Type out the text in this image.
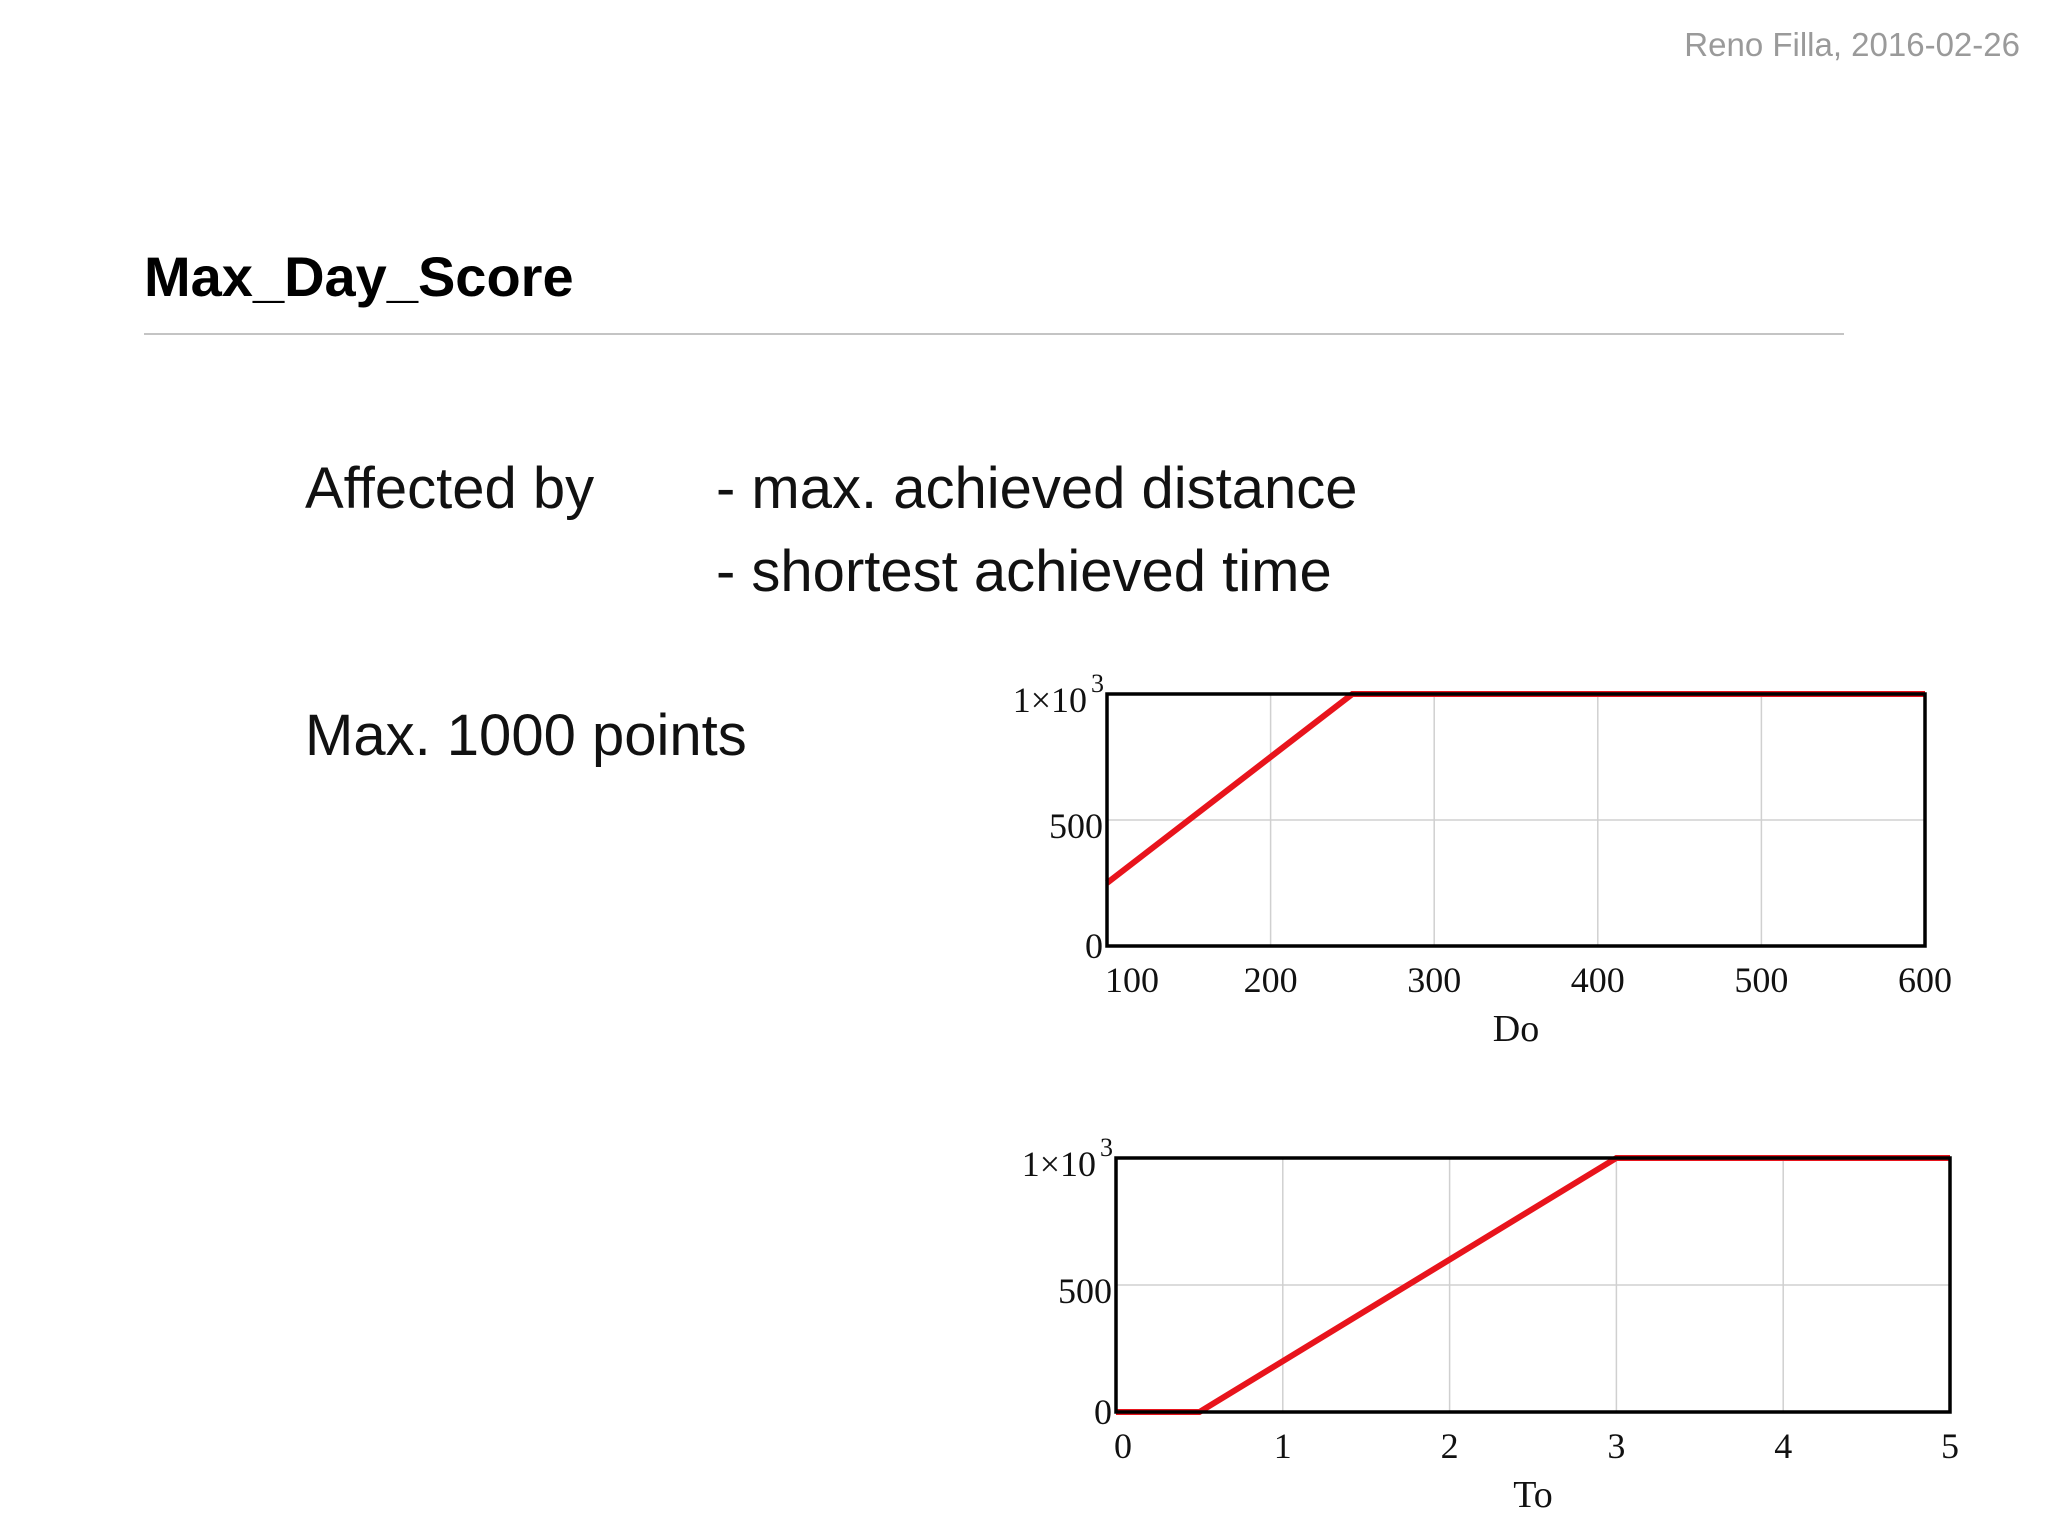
Reno Filla, 2016-02-26
Max_Day_Score
Affected by - max. achieved distance
- shortest achieved time
Max. 1000 points
100 200	300	400	500	600
0
500
1×10 3
Do
0	1	2	3	4	5
0
500
1×10 3
To
